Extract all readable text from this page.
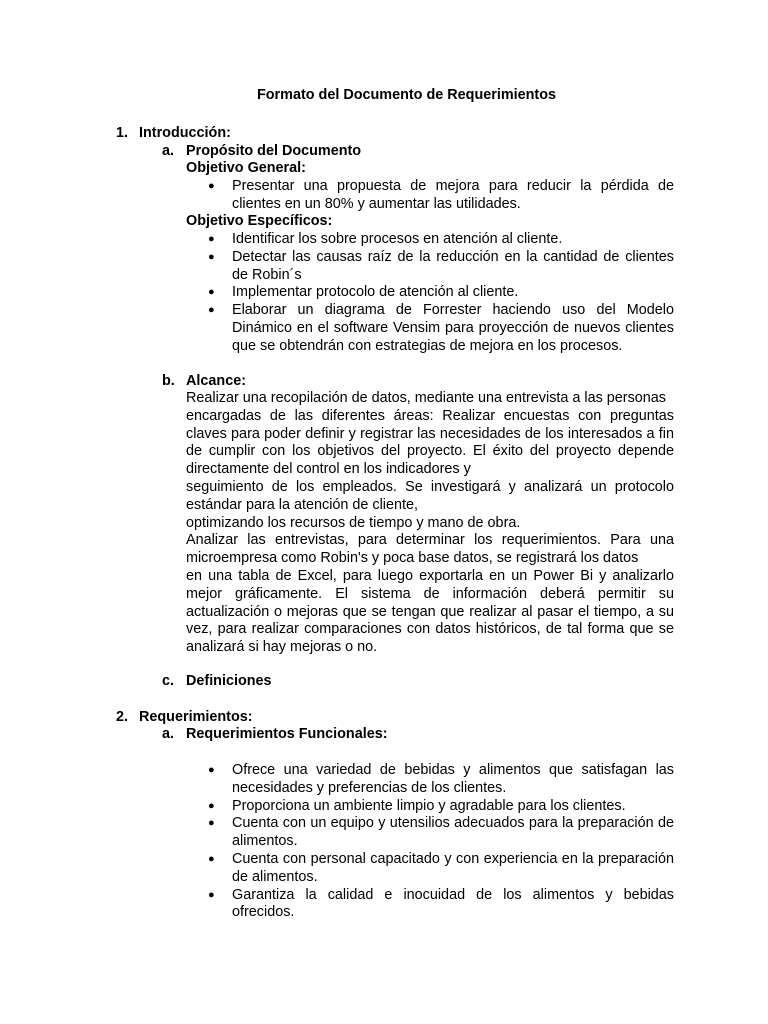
Formato del Documento de Requerimientos
1. Introducción:
a. Propósito del Documento
Objetivo General:
● Presentar una propuesta de mejora para reducir la pérdida de clientes en un 80% y aumentar las utilidades.
Objetivo Específicos:
● Identificar los sobre procesos en atención al cliente.
● Detectar las causas raíz de la reducción en la cantidad de clientes de Robin´s
● Implementar protocolo de atención al cliente.
● Elaborar un diagrama de Forrester haciendo uso del Modelo Dinámico en el software Vensim para proyección de nuevos clientes que se obtendrán con estrategias de mejora en los procesos.
b. Alcance:
Realizar una recopilación de datos, mediante una entrevista a las personas
encargadas de las diferentes áreas: Realizar encuestas con preguntas claves para poder definir y registrar las necesidades de los interesados a fin de cumplir con los objetivos del proyecto. El éxito del proyecto depende directamente del control en los indicadores y
seguimiento de los empleados. Se investigará y analizará un protocolo estándar para la atención de cliente,
optimizando los recursos de tiempo y mano de obra.
Analizar las entrevistas, para determinar los requerimientos. Para una microempresa como Robin's y poca base datos, se registrará los datos
en una tabla de Excel, para luego exportarla en un Power Bi y analizarlo mejor gráficamente. El sistema de información deberá permitir su actualización o mejoras que se tengan que realizar al pasar el tiempo, a su vez, para realizar comparaciones con datos históricos, de tal forma que se analizará si hay mejoras o no.
c. Definiciones
2. Requerimientos:
a. Requerimientos Funcionales:
● Ofrece una variedad de bebidas y alimentos que satisfagan las necesidades y preferencias de los clientes.
● Proporciona un ambiente limpio y agradable para los clientes.
● Cuenta con un equipo y utensilios adecuados para la preparación de alimentos.
● Cuenta con personal capacitado y con experiencia en la preparación de alimentos.
● Garantiza la calidad e inocuidad de los alimentos y bebidas ofrecidos.
